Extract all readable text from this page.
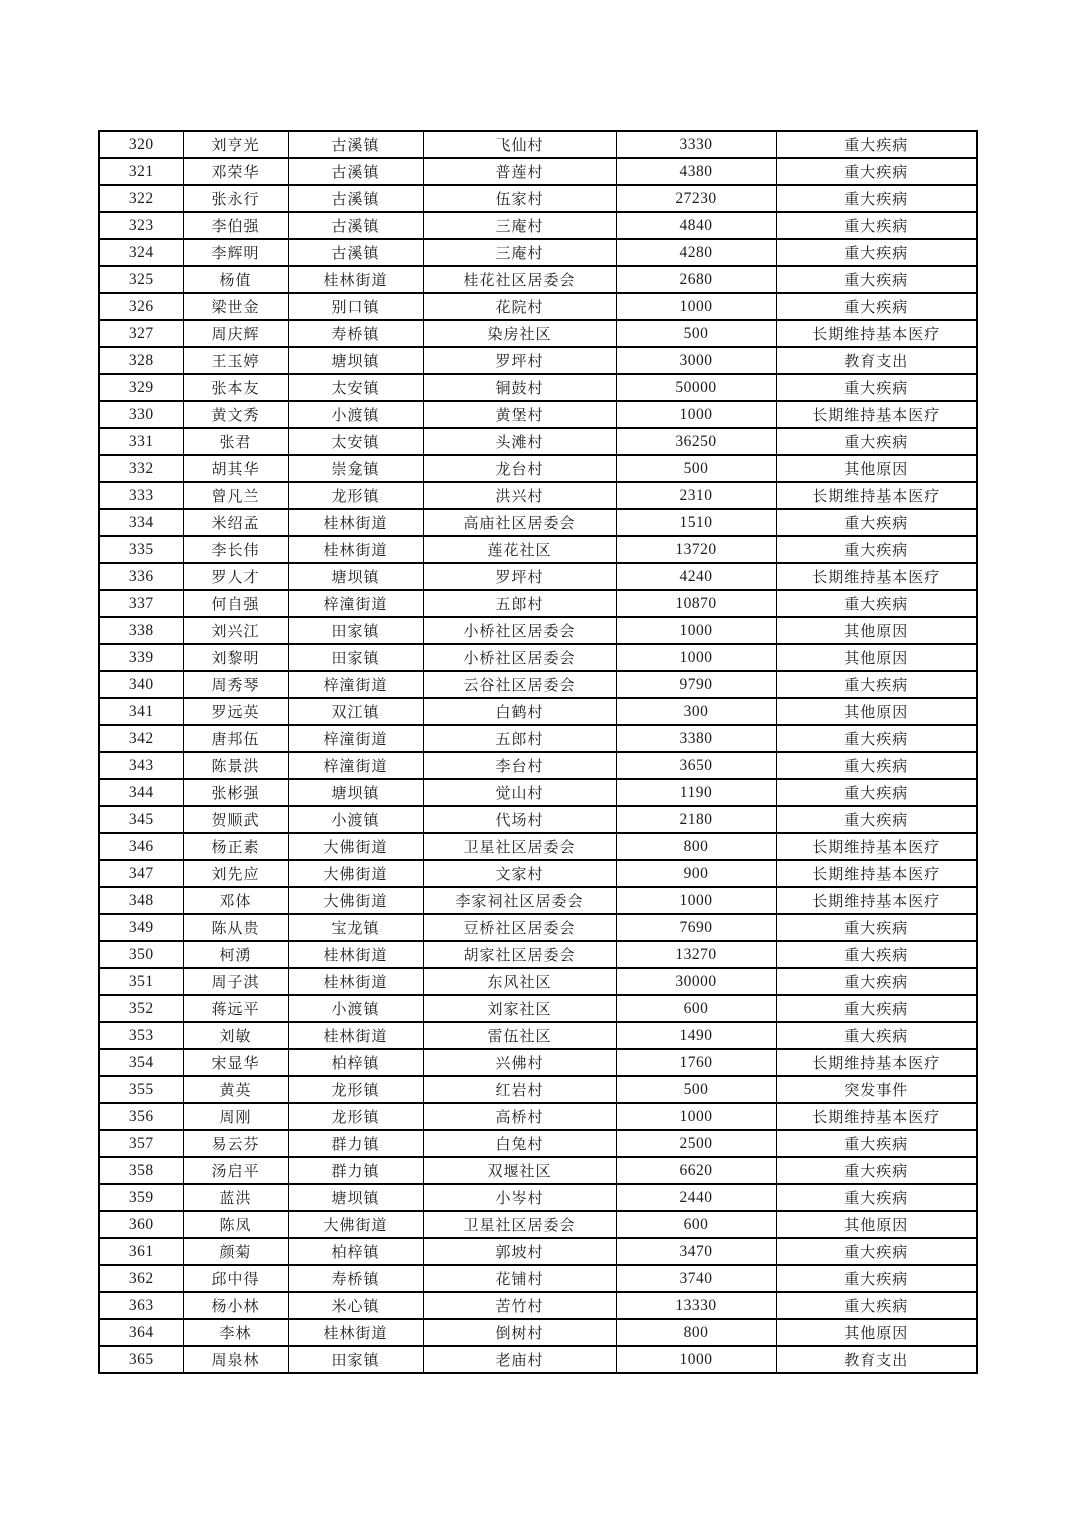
320	刘亨光	古溪镇	飞仙村	3330	重大疾病
321	邓荣华	古溪镇	普莲村	4380	重大疾病
322	张永行	古溪镇	伍家村	27230	重大疾病
323	李伯强	古溪镇	三庵村	4840	重大疾病
324	李辉明	古溪镇	三庵村	4280	重大疾病
325	杨值	桂林街道	桂花社区居委会	2680	重大疾病
326	梁世金	别口镇	花院村	1000	重大疾病
327	周庆辉	寿桥镇	染房社区	500	长期维持基本医疗
328	王玉婷	塘坝镇	罗坪村	3000	教育支出
329	张本友	太安镇	铜鼓村	50000	重大疾病
330	黄文秀	小渡镇	黄堡村	1000	长期维持基本医疗
331	张君	太安镇	头滩村	36250	重大疾病
332	胡其华	崇龛镇	龙台村	500	其他原因
333	曾凡兰	龙形镇	洪兴村	2310	长期维持基本医疗
334	米绍孟	桂林街道	高庙社区居委会	1510	重大疾病
335	李长伟	桂林街道	莲花社区	13720	重大疾病
336	罗人才	塘坝镇	罗坪村	4240	长期维持基本医疗
337	何自强	梓潼街道	五郎村	10870	重大疾病
338	刘兴江	田家镇	小桥社区居委会	1000	其他原因
339	刘黎明	田家镇	小桥社区居委会	1000	其他原因
340	周秀琴	梓潼街道	云谷社区居委会	9790	重大疾病
341	罗远英	双江镇	白鹤村	300	其他原因
342	唐邦伍	梓潼街道	五郎村	3380	重大疾病
343	陈景洪	梓潼街道	李台村	3650	重大疾病
344	张彬强	塘坝镇	觉山村	1190	重大疾病
345	贺顺武	小渡镇	代场村	2180	重大疾病
346	杨正素	大佛街道	卫星社区居委会	800	长期维持基本医疗
347	刘先应	大佛街道	文家村	900	长期维持基本医疗
348	邓体	大佛街道	李家祠社区居委会	1000	长期维持基本医疗
349	陈从贵	宝龙镇	豆桥社区居委会	7690	重大疾病
350	柯湧	桂林街道	胡家社区居委会	13270	重大疾病
351	周子淇	桂林街道	东风社区	30000	重大疾病
352	蒋远平	小渡镇	刘家社区	600	重大疾病
353	刘敏	桂林街道	雷伍社区	1490	重大疾病
354	宋显华	柏梓镇	兴佛村	1760	长期维持基本医疗
355	黄英	龙形镇	红岩村	500	突发事件
356	周刚	龙形镇	高桥村	1000	长期维持基本医疗
357	易云芬	群力镇	白兔村	2500	重大疾病
358	汤启平	群力镇	双堰社区	6620	重大疾病
359	蓝洪	塘坝镇	小岑村	2440	重大疾病
360	陈凤	大佛街道	卫星社区居委会	600	其他原因
361	颜菊	柏梓镇	郭坡村	3470	重大疾病
362	邱中得	寿桥镇	花铺村	3740	重大疾病
363	杨小林	米心镇	苦竹村	13330	重大疾病
364	李林	桂林街道	倒树村	800	其他原因
365	周泉林	田家镇	老庙村	1000	教育支出
